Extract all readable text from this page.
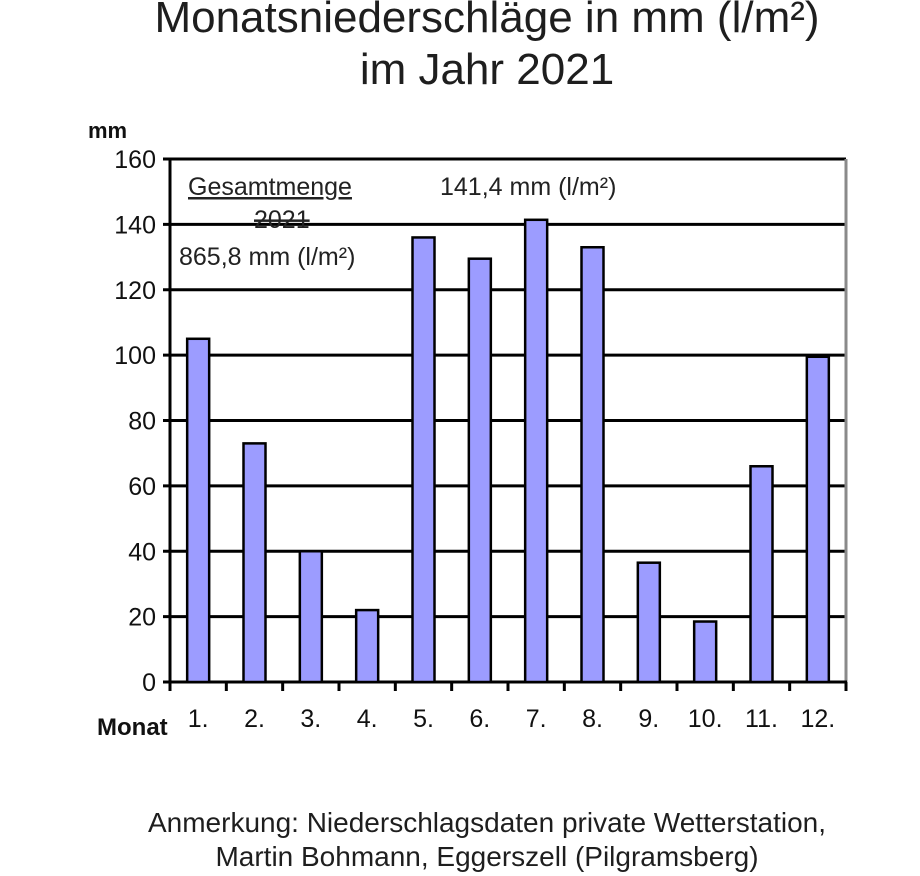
Monatsniederschläge in mm (l/m²)
im Jahr 2021
0
20
40
60
80
100
120
140
160
1. 2. 3. 4. 5. 6. 7. 8. 9. 10. 11. 12.
mm
Monat
Gesamtmenge
2021
865,8 mm (l/m²)
141,4 mm (l/m²)
Anmerkung: Niederschlagsdaten private Wetterstation,
Martin Bohmann, Eggerszell (Pilgramsberg)
